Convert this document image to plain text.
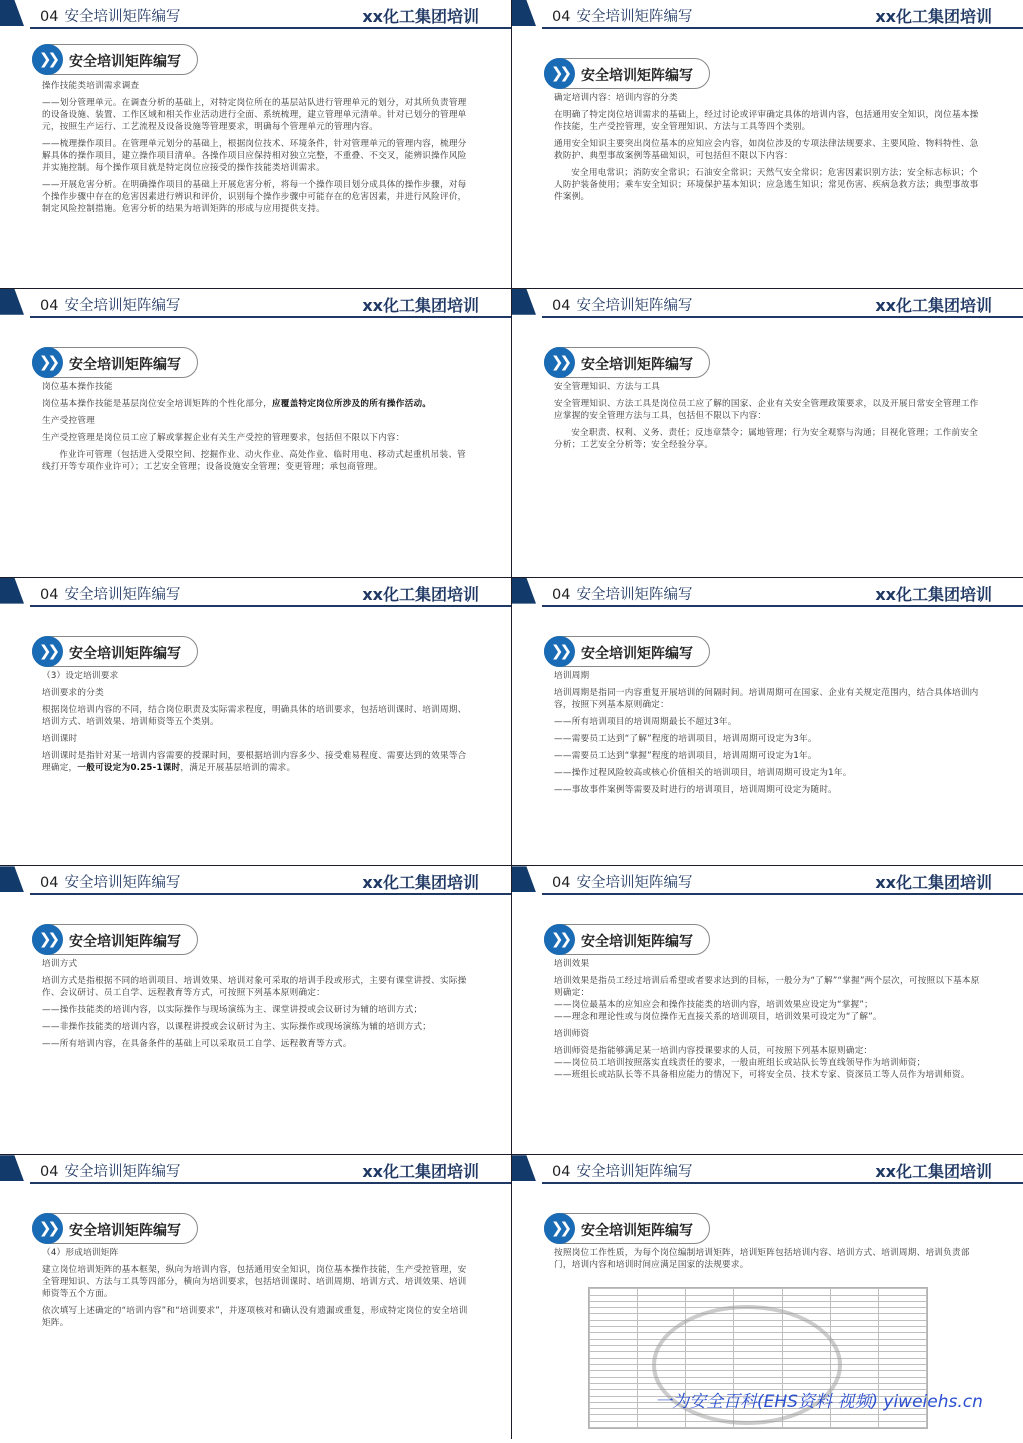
04 安全培训矩阵编写	xx化工集团培训
❯❯ 安全培训矩阵编写

操作技能类培训需求调查

——划分管理单元。在调查分析的基础上，对特定岗位所在的基层站队进行管理单元的划分，对其所负责管理的设备设施、装置、工作区域和相关作业活动进行全面、系统梳理，建立管理单元清单。针对已划分的管理单元，按照生产运行、工艺流程及设备设施等管理要求，明确每个管理单元的管理内容。

——梳理操作项目。在管理单元划分的基础上，根据岗位技术、环境条件，针对管理单元的管理内容，梳理分解具体的操作项目，建立操作项目清单。各操作项目应保持相对独立完整，不重叠、不交叉，能辨识操作风险并实施控制。每个操作项目就是特定岗位应接受的操作技能类培训需求。

——开展危害分析。在明确操作项目的基础上开展危害分析，将每一个操作项目划分成具体的操作步骤，对每个操作步骤中存在的危害因素进行辨识和评价，识别每个操作步骤中可能存在的危害因素，并进行风险评价，制定风险控制措施。危害分析的结果为培训矩阵的形成与应用提供支持。

04 安全培训矩阵编写	xx化工集团培训
❯❯ 安全培训矩阵编写

确定培训内容：培训内容的分类

在明确了特定岗位培训需求的基础上，经过讨论或评审确定具体的培训内容，包括通用安全知识，岗位基本操作技能，生产受控管理，安全管理知识、方法与工具等四个类别。

通用安全知识主要突出岗位基本的应知应会内容，如岗位涉及的专项法律法规要求、主要风险、物料特性、急救防护、典型事故案例等基础知识，可包括但不限以下内容：

安全用电常识；消防安全常识；石油安全常识；天然气安全常识；危害因素识别方法；安全标志标识；个人防护装备使用；乘车安全知识；环境保护基本知识；应急逃生知识；常见伤害、疾病急救方法；典型事故事件案例。

04 安全培训矩阵编写	xx化工集团培训
❯❯ 安全培训矩阵编写

岗位基本操作技能

岗位基本操作技能是基层岗位安全培训矩阵的个性化部分，应覆盖特定岗位所涉及的所有操作活动。

生产受控管理

生产受控管理是岗位员工应了解或掌握企业有关生产受控的管理要求，包括但不限以下内容：

作业许可管理（包括进入受限空间、挖掘作业、动火作业、高处作业、临时用电、移动式起重机吊装、管线打开等专项作业许可）；工艺安全管理；设备设施安全管理；变更管理；承包商管理。

04 安全培训矩阵编写	xx化工集团培训
❯❯ 安全培训矩阵编写

安全管理知识、方法与工具

安全管理知识、方法工具是岗位员工应了解的国家、企业有关安全管理政策要求，以及开展日常安全管理工作应掌握的安全管理方法与工具，包括但不限以下内容：

安全职责、权利、义务、责任；反违章禁令；属地管理；行为安全观察与沟通；目视化管理；工作前安全分析；工艺安全分析等；安全经验分享。

04 安全培训矩阵编写	xx化工集团培训
❯❯ 安全培训矩阵编写

（3）设定培训要求

培训要求的分类

根据岗位培训内容的不同，结合岗位职责及实际需求程度，明确具体的培训要求，包括培训课时、培训周期、培训方式、培训效果、培训师资等五个类别。

培训课时

培训课时是指针对某一培训内容需要的授课时间，要根据培训内容多少、接受难易程度、需要达到的效果等合理确定，一般可设定为0.25-1课时，满足开展基层培训的需求。

04 安全培训矩阵编写	xx化工集团培训
❯❯ 安全培训矩阵编写

培训周期

培训周期是指同一内容重复开展培训的间隔时间。培训周期可在国家、企业有关规定范围内，结合具体培训内容，按照下列基本原则确定：

——所有培训项目的培训周期最长不超过3年。

——需要员工达到“了解”程度的培训项目，培训周期可设定为3年。

——需要员工达到“掌握”程度的培训项目，培训周期可设定为1年。

——操作过程风险较高或核心价值相关的培训项目，培训周期可设定为1年。

——事故事件案例等需要及时进行的培训项目，培训周期可设定为随时。

04 安全培训矩阵编写	xx化工集团培训
❯❯ 安全培训矩阵编写

培训方式

培训方式是指根据不同的培训项目、培训效果、培训对象可采取的培训手段或形式，主要有课堂讲授、实际操作、会议研讨、员工自学、远程教育等方式，可按照下列基本原则确定：

——操作技能类的培训内容，以实际操作与现场演练为主、课堂讲授或会议研讨为辅的培训方式；

——非操作技能类的培训内容，以课程讲授或会议研讨为主、实际操作或现场演练为辅的培训方式；

——所有培训内容，在具备条件的基础上可以采取员工自学、远程教育等方式。

04 安全培训矩阵编写	xx化工集团培训
❯❯ 安全培训矩阵编写

培训效果

培训效果是指员工经过培训后希望或者要求达到的目标，一般分为“了解”“掌握”两个层次，可按照以下基本原则确定：

——岗位最基本的应知应会和操作技能类的培训内容，培训效果应设定为“掌握”；

——理念和理论性或与岗位操作无直接关系的培训项目，培训效果可设定为“了解”。

培训师资

培训师资是指能够满足某一培训内容授课要求的人员，可按照下列基本原则确定：

——岗位员工培训按照落实直线责任的要求，一般由班组长或站队长等直线领导作为培训师资；

——班组长或站队长等不具备相应能力的情况下，可将安全员、技术专家、资深员工等人员作为培训师资。

04 安全培训矩阵编写	xx化工集团培训
❯❯ 安全培训矩阵编写

（4）形成培训矩阵

建立岗位培训矩阵的基本框架，纵向为培训内容，包括通用安全知识，岗位基本操作技能，生产受控管理，安全管理知识、方法与工具等四部分，横向为培训要求，包括培训课时、培训周期、培训方式、培训效果、培训师资等五个方面。

依次填写上述确定的“培训内容”和“培训要求”，并逐项核对和确认没有遗漏或重复，形成特定岗位的安全培训矩阵。

04 安全培训矩阵编写	xx化工集团培训
❯❯ 安全培训矩阵编写

按照岗位工作性质，为每个岗位编制培训矩阵，培训矩阵包括培训内容、培训方式、培训周期、培训负责部门，培训内容和培训时间应满足国家的法规要求。

一为安全百科(EHS资料 视频) yiweiehs.cn
